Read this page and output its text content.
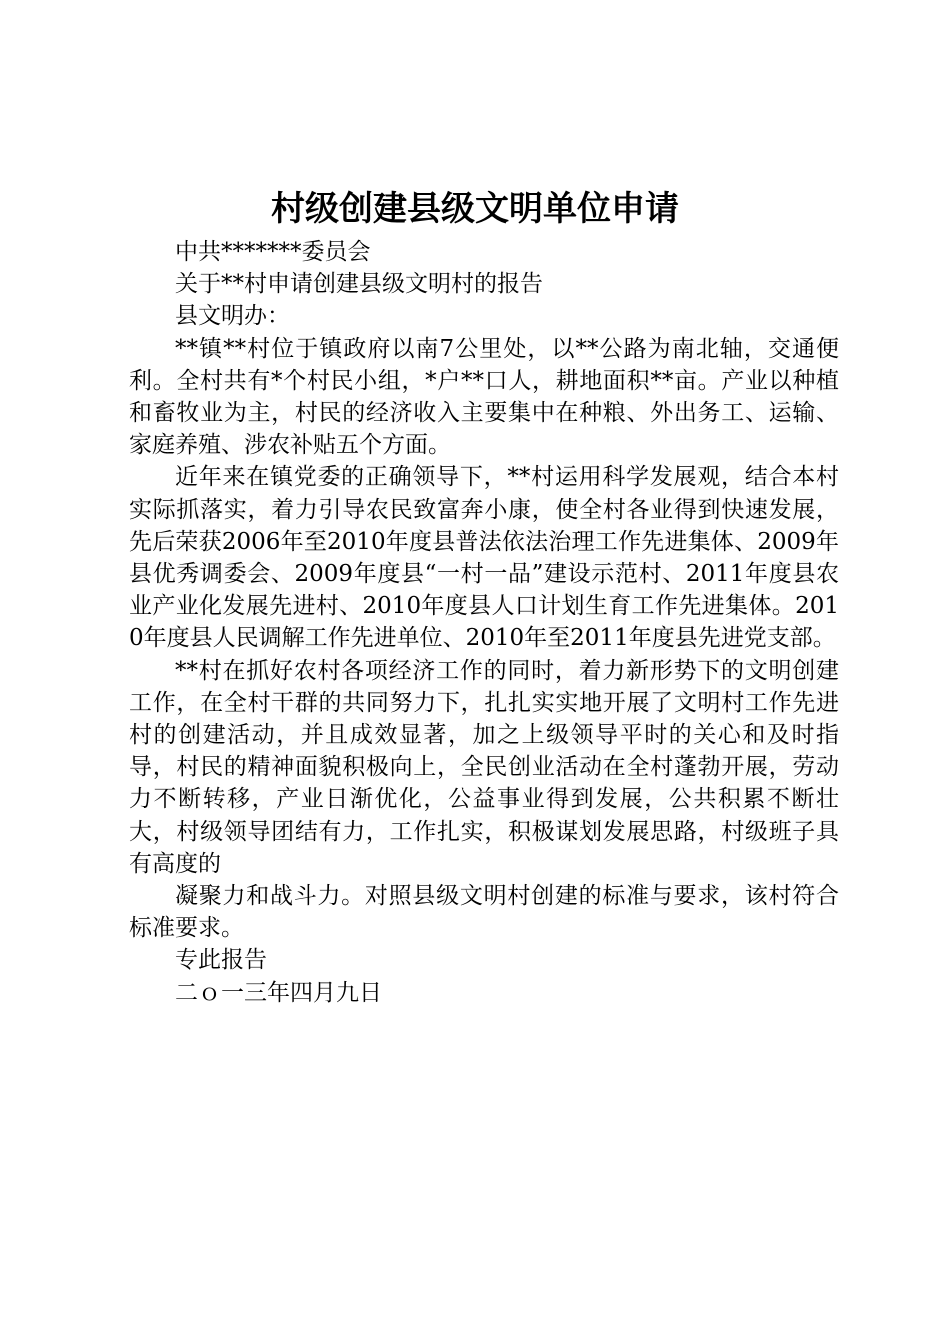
村级创建县级文明单位申请

中共*******委员会

关于**村申请创建县级文明村的报告

县文明办：

**镇**村位于镇政府以南7公里处，以**公路为南北轴，交通便利。全村共有*个村民小组，*户**口人，耕地面积**亩。产业以种植和畜牧业为主，村民的经济收入主要集中在种粮、外出务工、运输、家庭养殖、涉农补贴五个方面。

近年来在镇党委的正确领导下，**村运用科学发展观，结合本村实际抓落实，着力引导农民致富奔小康，使全村各业得到快速发展，先后荣获2006年至2010年度县普法依法治理工作先进集体、2009年县优秀调委会、2009年度县“一村一品”建设示范村、2011年度县农业产业化发展先进村、2010年度县人口计划生育工作先进集体。2010年度县人民调解工作先进单位、2010年至2011年度县先进党支部。

**村在抓好农村各项经济工作的同时，着力新形势下的文明创建工作，在全村干群的共同努力下，扎扎实实地开展了文明村工作先进村的创建活动，并且成效显著，加之上级领导平时的关心和及时指导，村民的精神面貌积极向上，全民创业活动在全村蓬勃开展，劳动力不断转移，产业日渐优化，公益事业得到发展，公共积累不断壮大，村级领导团结有力，工作扎实，积极谋划发展思路，村级班子具有高度的

凝聚力和战斗力。对照县级文明村创建的标准与要求，该村符合标准要求。

专此报告

二ｏ一三年四月九日
